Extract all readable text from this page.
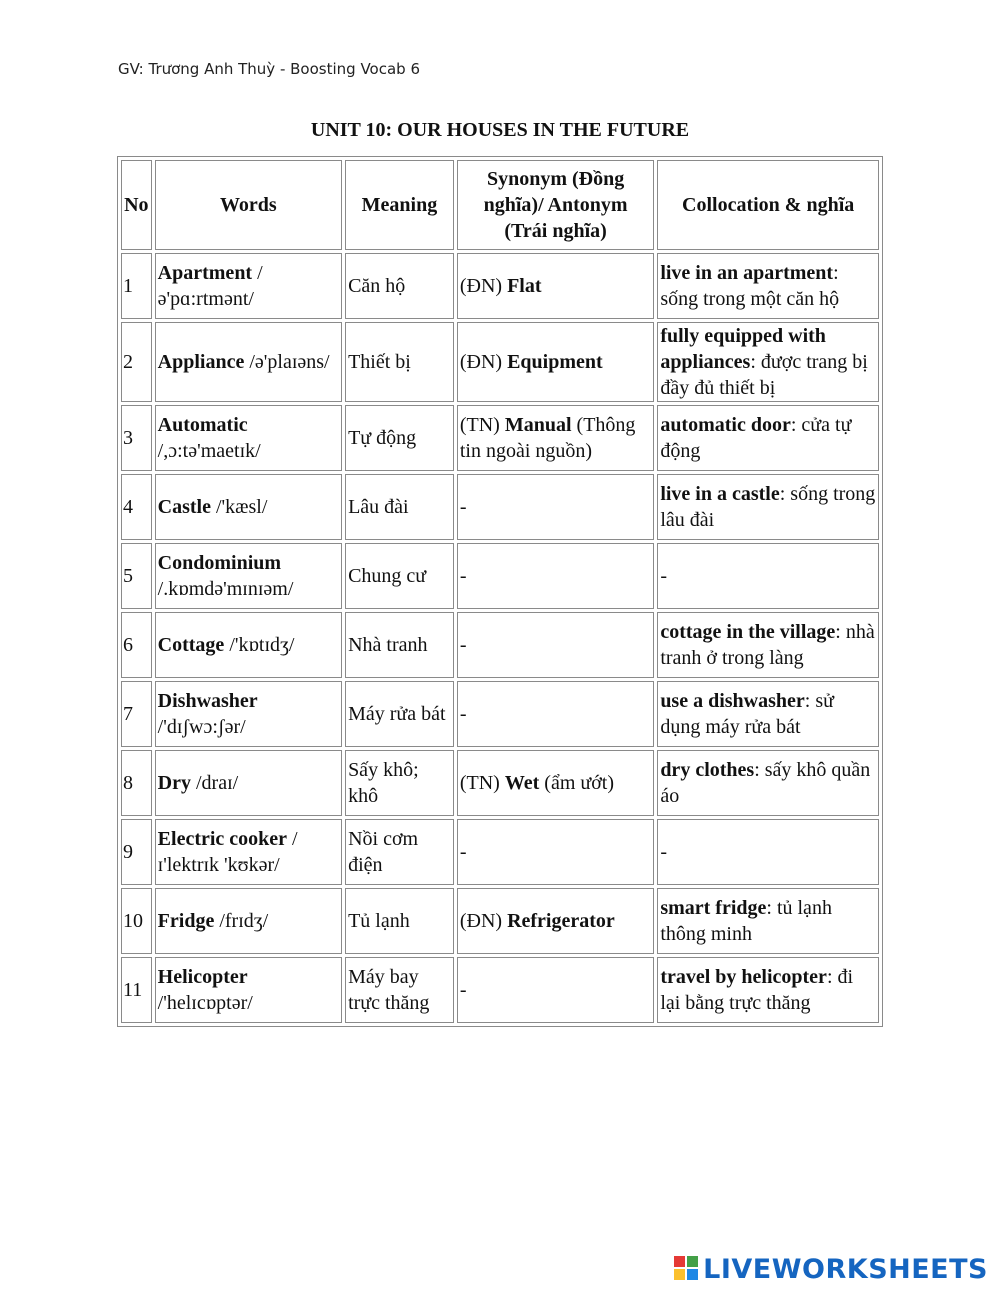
GV: Trương Anh Thuỳ - Boosting Vocab 6
UNIT 10: OUR HOUSES IN THE FUTURE
No	Words	Meaning	Synonym (Đồng nghĩa)/ Antonym (Trái nghĩa)	Collocation & nghĩa
1	Apartment /ə'pɑ:rtmənt/	Căn hộ	(ĐN) Flat	live in an apartment: sống trong một căn hộ
2	Appliance /ə'plaɪəns/	Thiết bị	(ĐN) Equipment	fully equipped with appliances: được trang bị đầy đủ thiết bị
3	Automatic /,ɔ:tə'maetɪk/	Tự động	(TN) Manual (Thông tin ngoài nguồn)	automatic door: cửa tự động
4	Castle /'kæsl/	Lâu đài	-	live in a castle: sống trong lâu đài
5	Condominium /.kɒmdə'mɪnɪəm/	Chung cư	-	-
6	Cottage /'kɒtɪdʒ/	Nhà tranh	-	cottage in the village: nhà tranh ở trong làng
7	Dishwasher /'dɪʃwɔ:ʃər/	Máy rửa bát	-	use a dishwasher: sử dụng máy rửa bát
8	Dry /draɪ/	Sấy khô; khô	(TN) Wet (ẩm ướt)	dry clothes: sấy khô quần áo
9	Electric cooker /ɪ'lektrɪk 'kʊkər/	Nồi cơm điện	-	-
10	Fridge /frɪdʒ/	Tủ lạnh	(ĐN) Refrigerator	smart fridge: tủ lạnh thông minh
11	Helicopter /'helɪcɒptər/	Máy bay trực thăng	-	travel by helicopter: đi lại bằng trực thăng
LIVEWORKSHEETS
